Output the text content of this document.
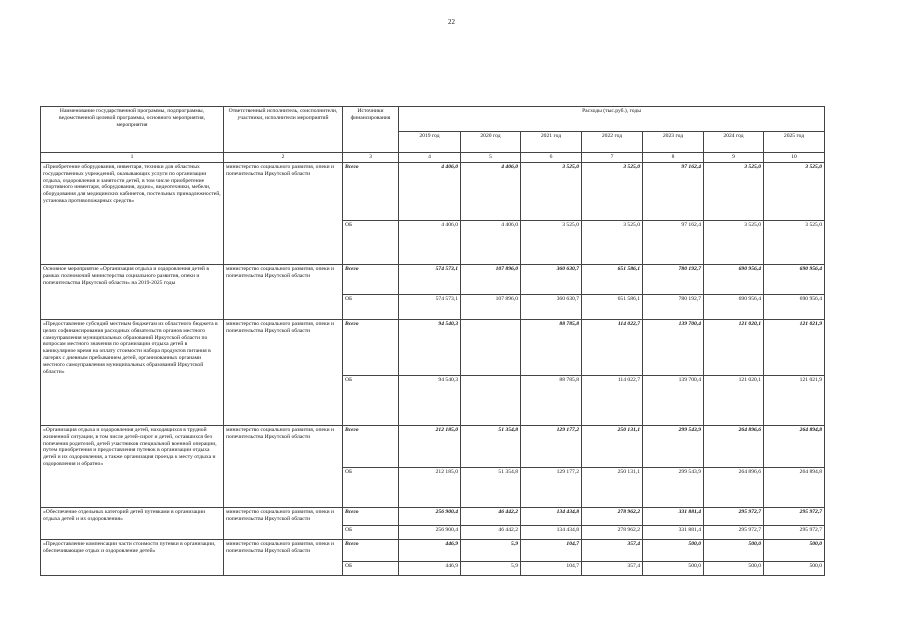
22
Наименование государственной программы, подпрограммы, ведомственной целевой программы, основного мероприятия, мероприятия	Ответственный исполнитель, соисполнители, участники, исполнители мероприятий	Источники финансирования	Расходы (тыс.руб.), годы						
			2019 год	2020 год	2021 год	2022 год	2023 год	2024 год	2025 год
1	2	3	4	5	6	7	8	9	10
«Приобретение оборудования, инвентаря, техники для областных государственных учреждений, оказывающих услуги по организации отдыха, оздоровления и занятости детей, в том числе приобретение спортивного инвентаря, оборудования, аудио», видеотехники, мебели, оборудования для медицинских кабинетов, постельных принадлежностей, установка противопожарных средств»	министерство социального развития, опеки и попечительства Иркутской области	Всего	4 406,0	4 406,0	3 525,0	3 525,0	97 162,4	3 525,0	3 525,0
		ОБ	4 406,0	4 406,0	3 525,0	3 525,0	97 162,4	3 525,0	3 525,0
Основное мероприятие «Организация отдыха и оздоровления детей в рамках полномочий министерства социального развития, опеки и попечительства Иркутской области» на 2019-2025 годы	министерство социального развития, опеки и попечительства Иркутской области	Всего	574 573,1	107 896,0	360 630,7	651 586,1	780 192,7	690 956,4	690 956,4
		ОБ	574 573,1	107 896,0	360 630,7	651 586,1	780 192,7	690 956,4	690 956,4
«Предоставление субсидий местным бюджетам из областного бюджета в целях софинансирования расходных обязательств органов местного самоуправления муниципальных образований Иркутской области по вопросам местного значения по организации отдыха детей в каникулярное время на оплату стоимости набора продуктов питания в лагерях с дневным пребыванием детей, организованных органами местного самоуправления муниципальных образований Иркутской области»	министерство социального развития, опеки и попечительства Иркутской области	Всего	94 540,3		88 785,8	114 022,7	139 700,4	121 020,1	121 021,9
		ОБ	94 540,3		88 785,8	114 022,7	139 700,4	121 020,1	121 021,9
«Организация отдыха и оздоровления детей, находящихся в трудной жизненной ситуации, в том числе детей-сирот и детей, оставшихся без попечения родителей, детей участников специальной военной операции, путем приобретения и предоставления путевок в организации отдыха детей и их оздоровления, а также организация проезда к месту отдыха и оздоровления и обратно»	министерство социального развития, опеки и попечительства Иркутской области	Всего	212 185,0	51 354,8	129 177,2	250 131,1	299 543,9	264 896,6	264 894,8
		ОБ	212 185,0	51 354,8	129 177,2	250 131,1	299 543,9	264 896,6	264 894,8
«Обеспечение отдельных категорий детей путевками в организации отдыха детей и их оздоровления»	министерство социального развития, опеки и попечительства Иркутской области	Всего	256 900,4	46 442,2	134 434,8	278 962,2	331 881,4	295 972,7	295 972,7
		ОБ	256 900,4	46 442,2	134 434,8	278 962,2	331 881,4	295 972,7	295 972,7
«Предоставление компенсации части стоимости путевки в организации, обеспечивающие отдых и оздоровление детей»	министерство социального развития, опеки и попечительства Иркутской области	Всего	446,9	5,9	104,7	357,4	500,0	500,0	500,0
		ОБ	446,9	5,9	104,7	357,4	500,0	500,0	500,0
